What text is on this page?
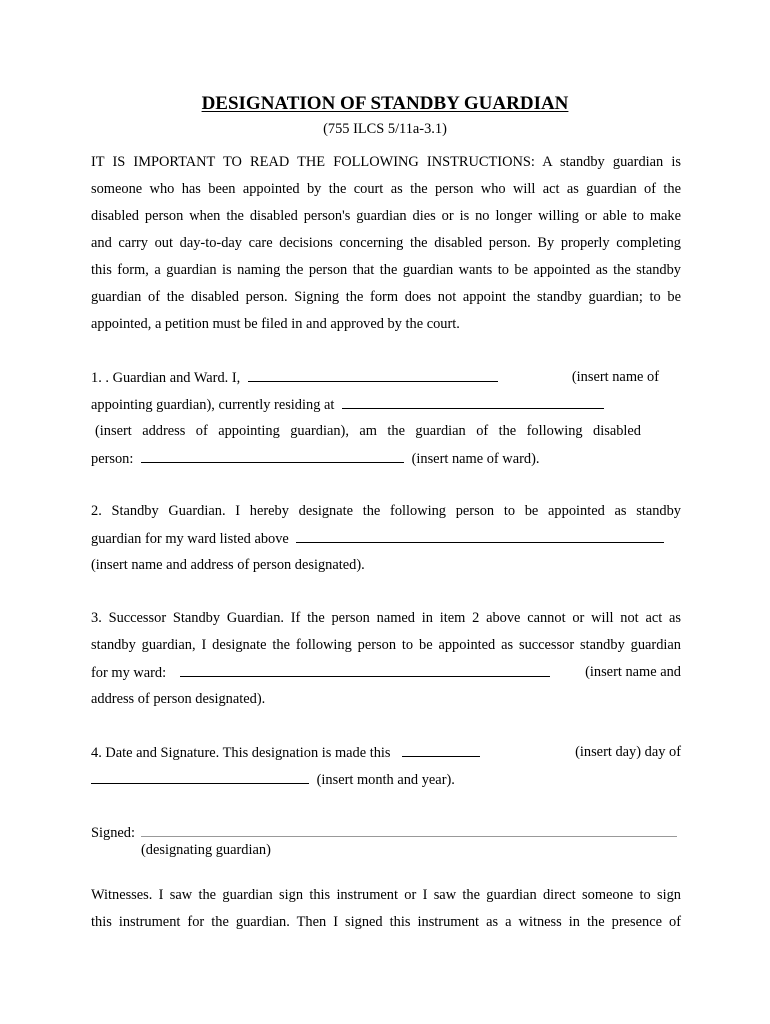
DESIGNATION OF STANDBY GUARDIAN
(755 ILCS 5/11a-3.1)
IT IS IMPORTANT TO READ THE FOLLOWING INSTRUCTIONS: A standby guardian is
someone who has been appointed by the court as the person who will act as guardian of the
disabled person when the disabled person's guardian dies or is no longer willing or able to make
and carry out day-to-day care decisions concerning the disabled person. By properly completing
this form, a guardian is naming the person that the guardian wants to be appointed as the standby
guardian of the disabled person. Signing the form does not appoint the standby guardian; to be
appointed, a petition must be filed in and approved by the court.
1. . Guardian and Ward. I,	(insert name of
appointing guardian), currently residing at
(insert address of appointing guardian), am the guardian of the following disabled
person:	(insert name of ward).
2. Standby Guardian. I hereby designate the following person to be appointed as standby
guardian for my ward listed above
(insert name and address of person designated).
3. Successor Standby Guardian. If the person named in item 2 above cannot or will not act as
standby guardian, I designate the following person to be appointed as successor standby guardian
for my ward:	(insert name and
address of person designated).
4. Date and Signature. This designation is made this	(insert day) day of
(insert month and year).
Signed:
(designating guardian)
Witnesses. I saw the guardian sign this instrument or I saw the guardian direct someone to sign
this instrument for the guardian. Then I signed this instrument as a witness in the presence of
